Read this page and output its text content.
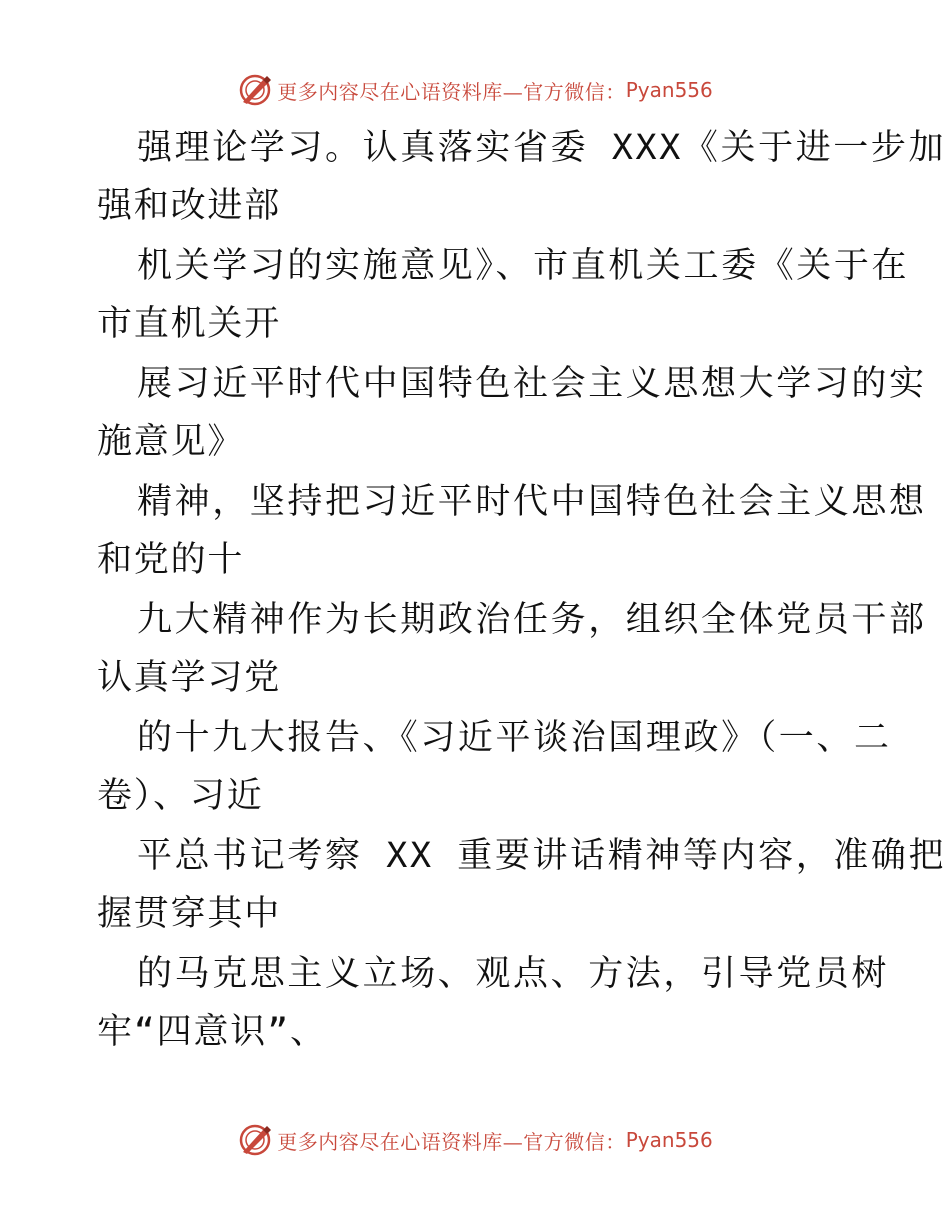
更多内容尽在心语资料库—官方微信： Pyan556
强理论学习。认真落实省委 XXX《关于进一步加
强和改进部
机关学习的实施意见》、市直机关工委《关于在
市直机关开
展习近平时代中国特色社会主义思想大学习的实
施意见》
精神，坚持把习近平时代中国特色社会主义思想
和党的十
九大精神作为长期政治任务，组织全体党员干部
认真学习党
的十九大报告、《习近平谈治国理政》（一、二
卷）、习近
平总书记考察 XX 重要讲话精神等内容，准确把
握贯穿其中
的马克思主义立场、观点、方法，引导党员树
牢“四意识”、
更多内容尽在心语资料库—官方微信： Pyan556
